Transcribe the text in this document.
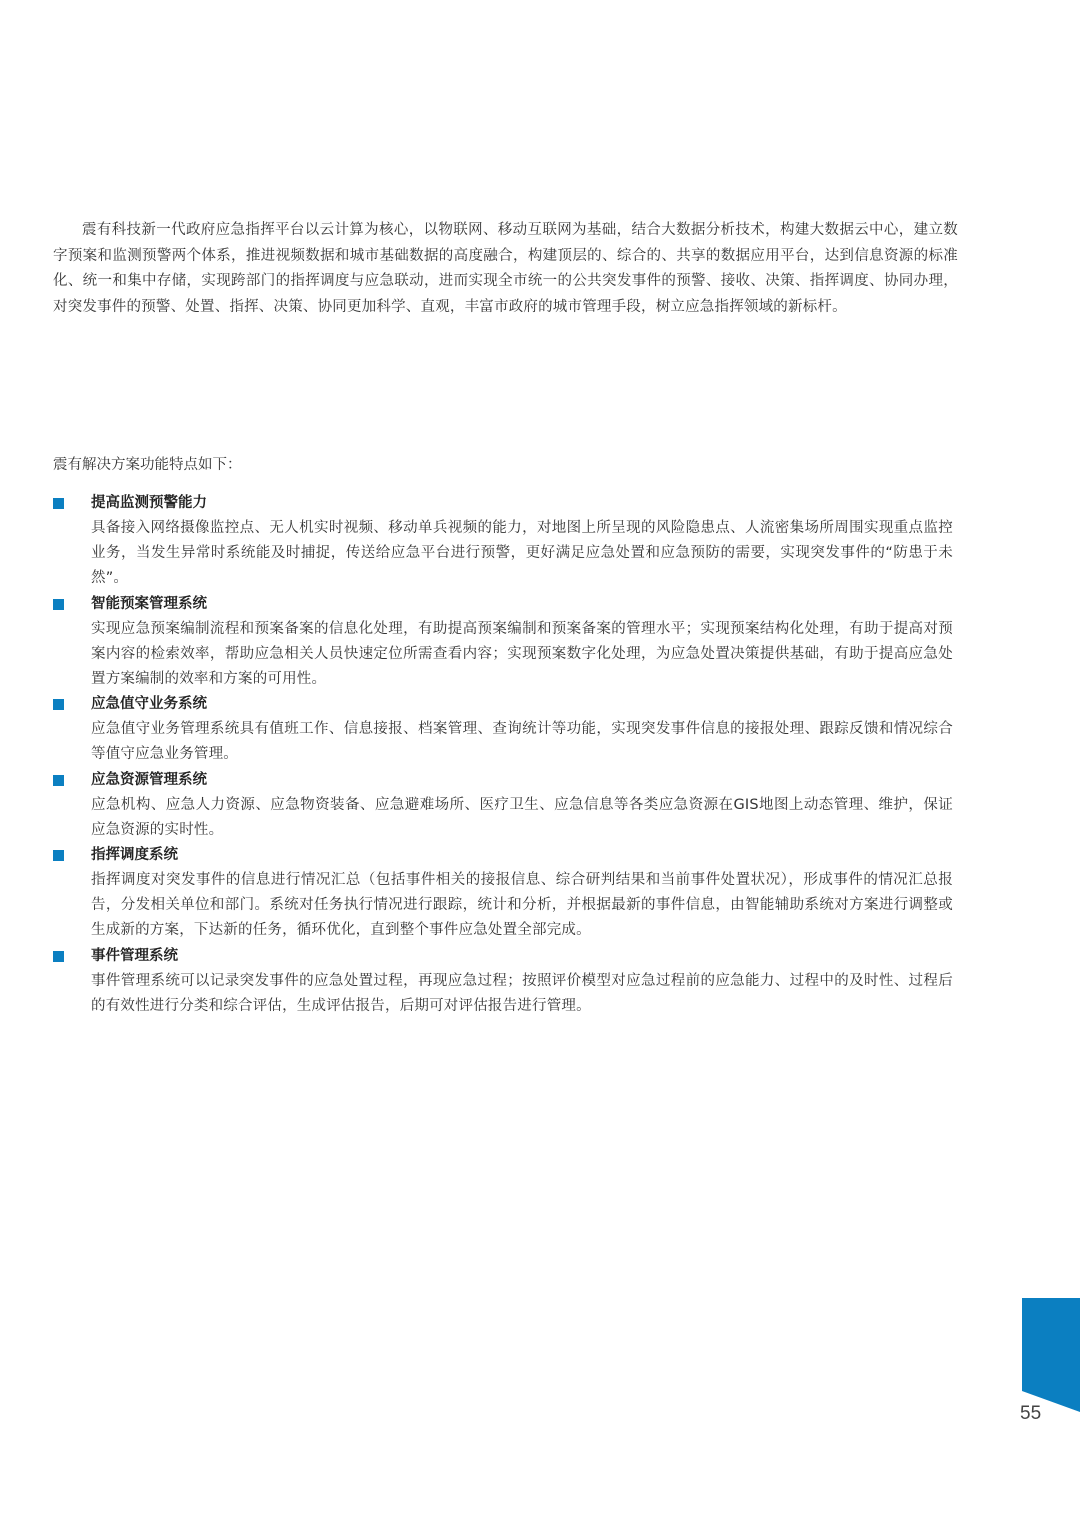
震有科技新一代政府应急指挥平台以云计算为核心，以物联网、移动互联网为基础，结合大数据分析技术，构建大数据云中心，建立数字预案和监测预警两个体系，推进视频数据和城市基础数据的高度融合，构建顶层的、综合的、共享的数据应用平台，达到信息资源的标准化、统一和集中存储，实现跨部门的指挥调度与应急联动，进而实现全市统一的公共突发事件的预警、接收、决策、指挥调度、协同办理，对突发事件的预警、处置、指挥、决策、协同更加科学、直观，丰富市政府的城市管理手段，树立应急指挥领域的新标杆。

震有解决方案功能特点如下：
提高监测预警能力

具备接入网络摄像监控点、无人机实时视频、移动单兵视频的能力，对地图上所呈现的风险隐患点、人流密集场所周围实现重点监控业务，当发生异常时系统能及时捕捉，传送给应急平台进行预警，更好满足应急处置和应急预防的需要，实现突发事件的“防患于未然”。

智能预案管理系统

实现应急预案编制流程和预案备案的信息化处理，有助提高预案编制和预案备案的管理水平；实现预案结构化处理，有助于提高对预案内容的检索效率，帮助应急相关人员快速定位所需查看内容；实现预案数字化处理，为应急处置决策提供基础，有助于提高应急处置方案编制的效率和方案的可用性。

应急值守业务系统

应急值守业务管理系统具有值班工作、信息接报、档案管理、查询统计等功能，实现突发事件信息的接报处理、跟踪反馈和情况综合等值守应急业务管理。

应急资源管理系统

应急机构、应急人力资源、应急物资装备、应急避难场所、医疗卫生、应急信息等各类应急资源在GIS地图上动态管理、维护，保证应急资源的实时性。

指挥调度系统

指挥调度对突发事件的信息进行情况汇总（包括事件相关的接报信息、综合研判结果和当前事件处置状况），形成事件的情况汇总报告，分发相关单位和部门。系统对任务执行情况进行跟踪，统计和分析，并根据最新的事件信息，由智能辅助系统对方案进行调整或生成新的方案，下达新的任务，循环优化，直到整个事件应急处置全部完成。

事件管理系统

事件管理系统可以记录突发事件的应急处置过程，再现应急过程；按照评价模型对应急过程前的应急能力、过程中的及时性、过程后的有效性进行分类和综合评估，生成评估报告，后期可对评估报告进行管理。

55
